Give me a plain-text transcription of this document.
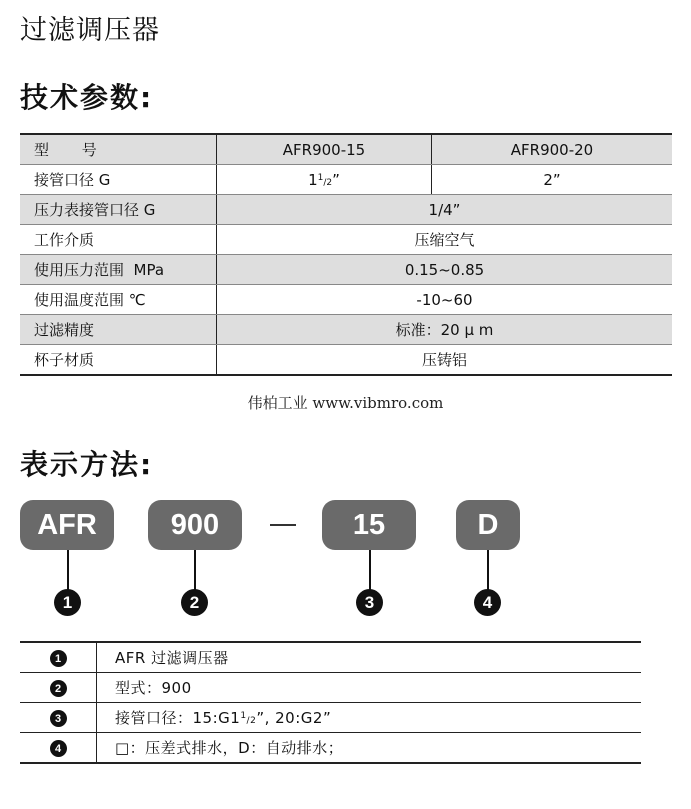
过滤调压器
技术参数:
型 号	AFR900-15	AFR900-20
接管口径 G	$1^1/2$”	2”
压力表接管口径 G	1/4”	
工作介质	压缩空气	
使用压力范围  MPa	0.15~0.85	
使用温度范围 ℃	-10~60	
过滤精度	标准：20 μ m	
杯子材质	压铸铝	
伟柏工业 www.vibmro.com
表示方法:
AFR	900	15	D
1	2	3	4
1	AFR 过滤调压器
2	型式：900
3	接管口径：$15:G1^1/2$”, 20:G2”
4	□：压差式排水，D：自动排水；
